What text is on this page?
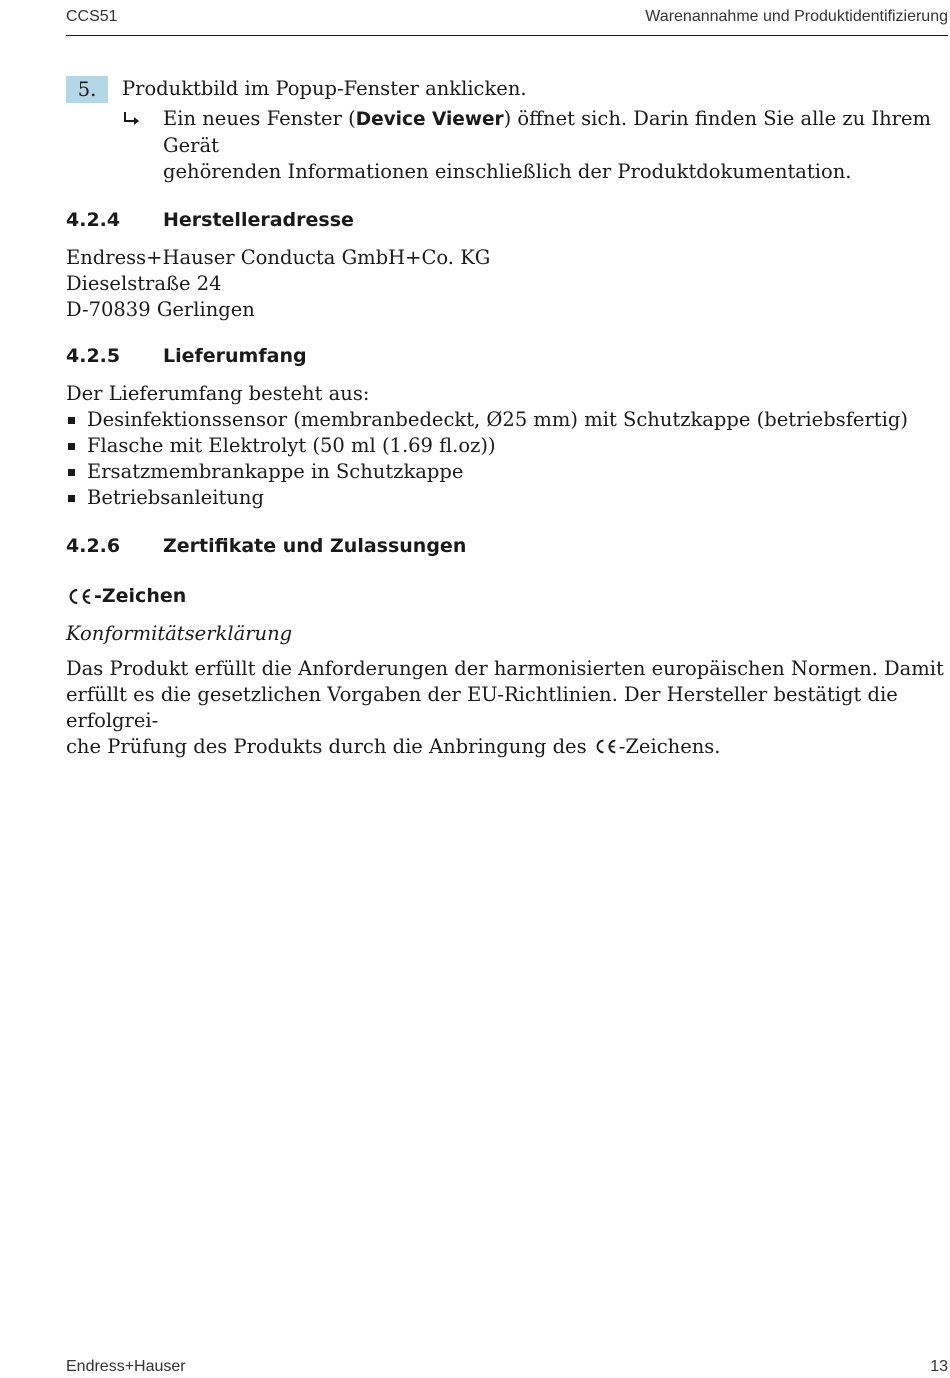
CCS51	Warenannahme und Produktidentifizierung
5.	Produktbild im Popup-Fenster anklicken.
Ein neues Fenster (Device Viewer) öffnet sich. Darin finden Sie alle zu Ihrem Gerät
gehörenden Informationen einschließlich der Produktdokumentation.
4.2.4 Herstelleradresse

Endress+Hauser Conducta GmbH+Co. KG

Dieselstraße 24

D-70839 Gerlingen

4.2.5 Lieferumfang
Der Lieferumfang besteht aus:
Desinfektionssensor (membranbedeckt, Ø25 mm) mit Schutzkappe (betriebsfertig)
Flasche mit Elektrolyt (50 ml (1.69 fl.oz))
Ersatzmembrankappe in Schutzkappe
Betriebsanleitung
4.2.6 Zertifikate und Zulassungen
-Zeichen
Konformitätserklärung

Das Produkt erfüllt die Anforderungen der harmonisierten europäischen Normen. Damit

erfüllt es die gesetzlichen Vorgaben der EU-Richtlinien. Der Hersteller bestätigt die erfolgrei-

che Prüfung des Produkts durch die Anbringung des -Zeichens.

Endress+Hauser	13
